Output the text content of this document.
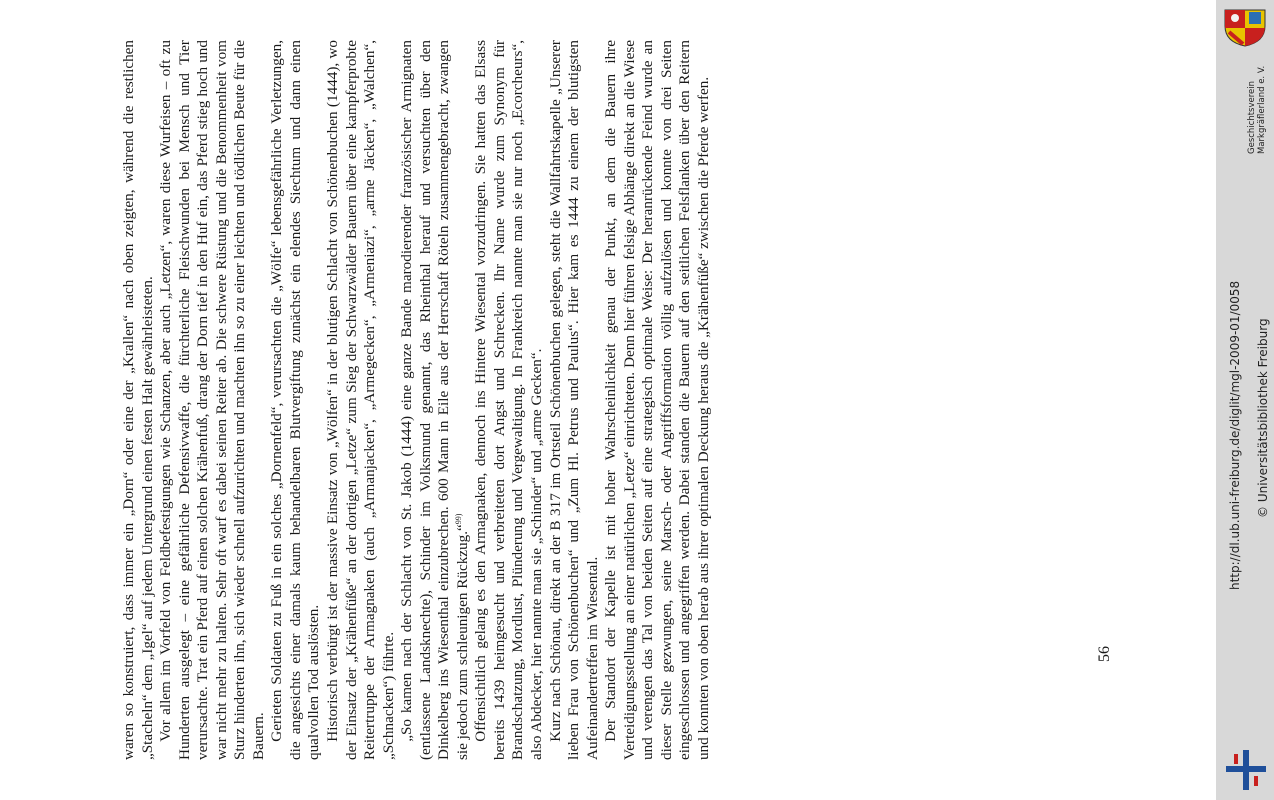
waren so konstruiert, dass immer ein „Dorn“ oder eine der „Krallen“ nach oben zeigten, während die restlichen „Stacheln“ dem „Igel“ auf jedem Untergrund einen festen Halt gewährleisteten. Vor allem im Vorfeld von Feldbefestigungen wie Schanzen, aber auch „Letzen“, waren diese Wurfeisen – oft zu Hunderten ausgelegt – eine gefährliche Defensivwaffe, die fürchterliche Fleischwunden bei Mensch und Tier verursachte. Trat ein Pferd auf einen solchen Krähenfuß, drang der Dorn tief in den Huf ein, das Pferd stieg hoch und war nicht mehr zu halten. Sehr oft warf es dabei seinen Reiter ab. Die schwere Rüstung und die Benommenheit vom Sturz hinderten ihn, sich wieder schnell aufzurichten und machten ihn so zu einer leichten und tödlichen Beute für die Bauern. Gerieten Soldaten zu Fuß in ein solches „Dornenfeld“, verursachten die „Wölfe“ lebensgefährliche Verletzungen, die angesichts einer damals kaum behandelbaren Blutvergiftung zunächst ein elendes Siechtum und dann einen qualvollen Tod auslösten. Historisch verbürgt ist der massive Einsatz von „Wölfen“ in der blutigen Schlacht von Schönenbuchen (1444), wo der Einsatz der „Krähenfüße“ an der dortigen „Letze“ zum Sieg der Schwarzwälder Bauern über eine kampferprobte Reitertruppe der Armagnaken (auch „Armanjacken“, „Armegecken“, „Armeniazi“, „arme Jäcken“, „Walchen“, „Schnacken“) führte. „So kamen nach der Schlacht von St. Jakob (1444) eine ganze Bande marodierender französischer Armignaten (entlassene Landsknechte), Schinder im Volksmund genannt, das Rheinthal herauf und versuchten über den Dinkelberg ins Wiesenthal einzubrechen. 600 Mann in Eile aus der Herrschaft Röteln zusammengebracht, zwangen sie jedoch zum schleunigen Rückzug.“$^{99)}$ Offensichtlich gelang es den Armagnaken, dennoch ins Hintere Wiesental vorzudringen. Sie hatten das Elsass bereits 1439 heimgesucht und verbreiteten dort Angst und Schrecken. Ihr Name wurde zum Synonym für Brandschatzung, Mordlust, Plünderung und Vergewaltigung. In Frankreich nannte man sie nur noch „Ecorcheurs“, also Abdecker, hier nannte man sie „Schinder“ und „arme Gecken“. Kurz nach Schönau, direkt an der B 317 im Ortsteil Schönenbuchen gelegen, steht die Wallfahrtskapelle „Unserer lieben Frau von Schönenbuchen“ und „Zum Hl. Petrus und Paulus“. Hier kam es 1444 zu einem der blutigsten Aufeinandertreffen im Wiesental. Der Standort der Kapelle ist mit hoher Wahrscheinlichkeit genau der Punkt, an dem die Bauern ihre Verteidigungsstellung an einer natürlichen „Letze“ einrichteten. Denn hier führen felsige Abhänge direkt an die Wiese und verengen das Tal von beiden Seiten auf eine strategisch optimale Weise: Der heranrückende Feind wurde an dieser Stelle gezwungen, seine Marsch- oder Angriffsformation völlig aufzulösen und konnte von drei Seiten eingeschlossen und angegriffen werden. Dabei standen die Bauern auf den seitlichen Felsflanken über den Reitern und konnten von oben herab aus ihrer optimalen Deckung heraus die „Krähenfüße“ zwischen die Pferde werfen.	56
http://dl.ub.uni-freiburg.de/diglit/mgl-2009-01/0058 © Universitätsbibliothek Freiburg
Geschichtsverein Markgräflerland e. V.
